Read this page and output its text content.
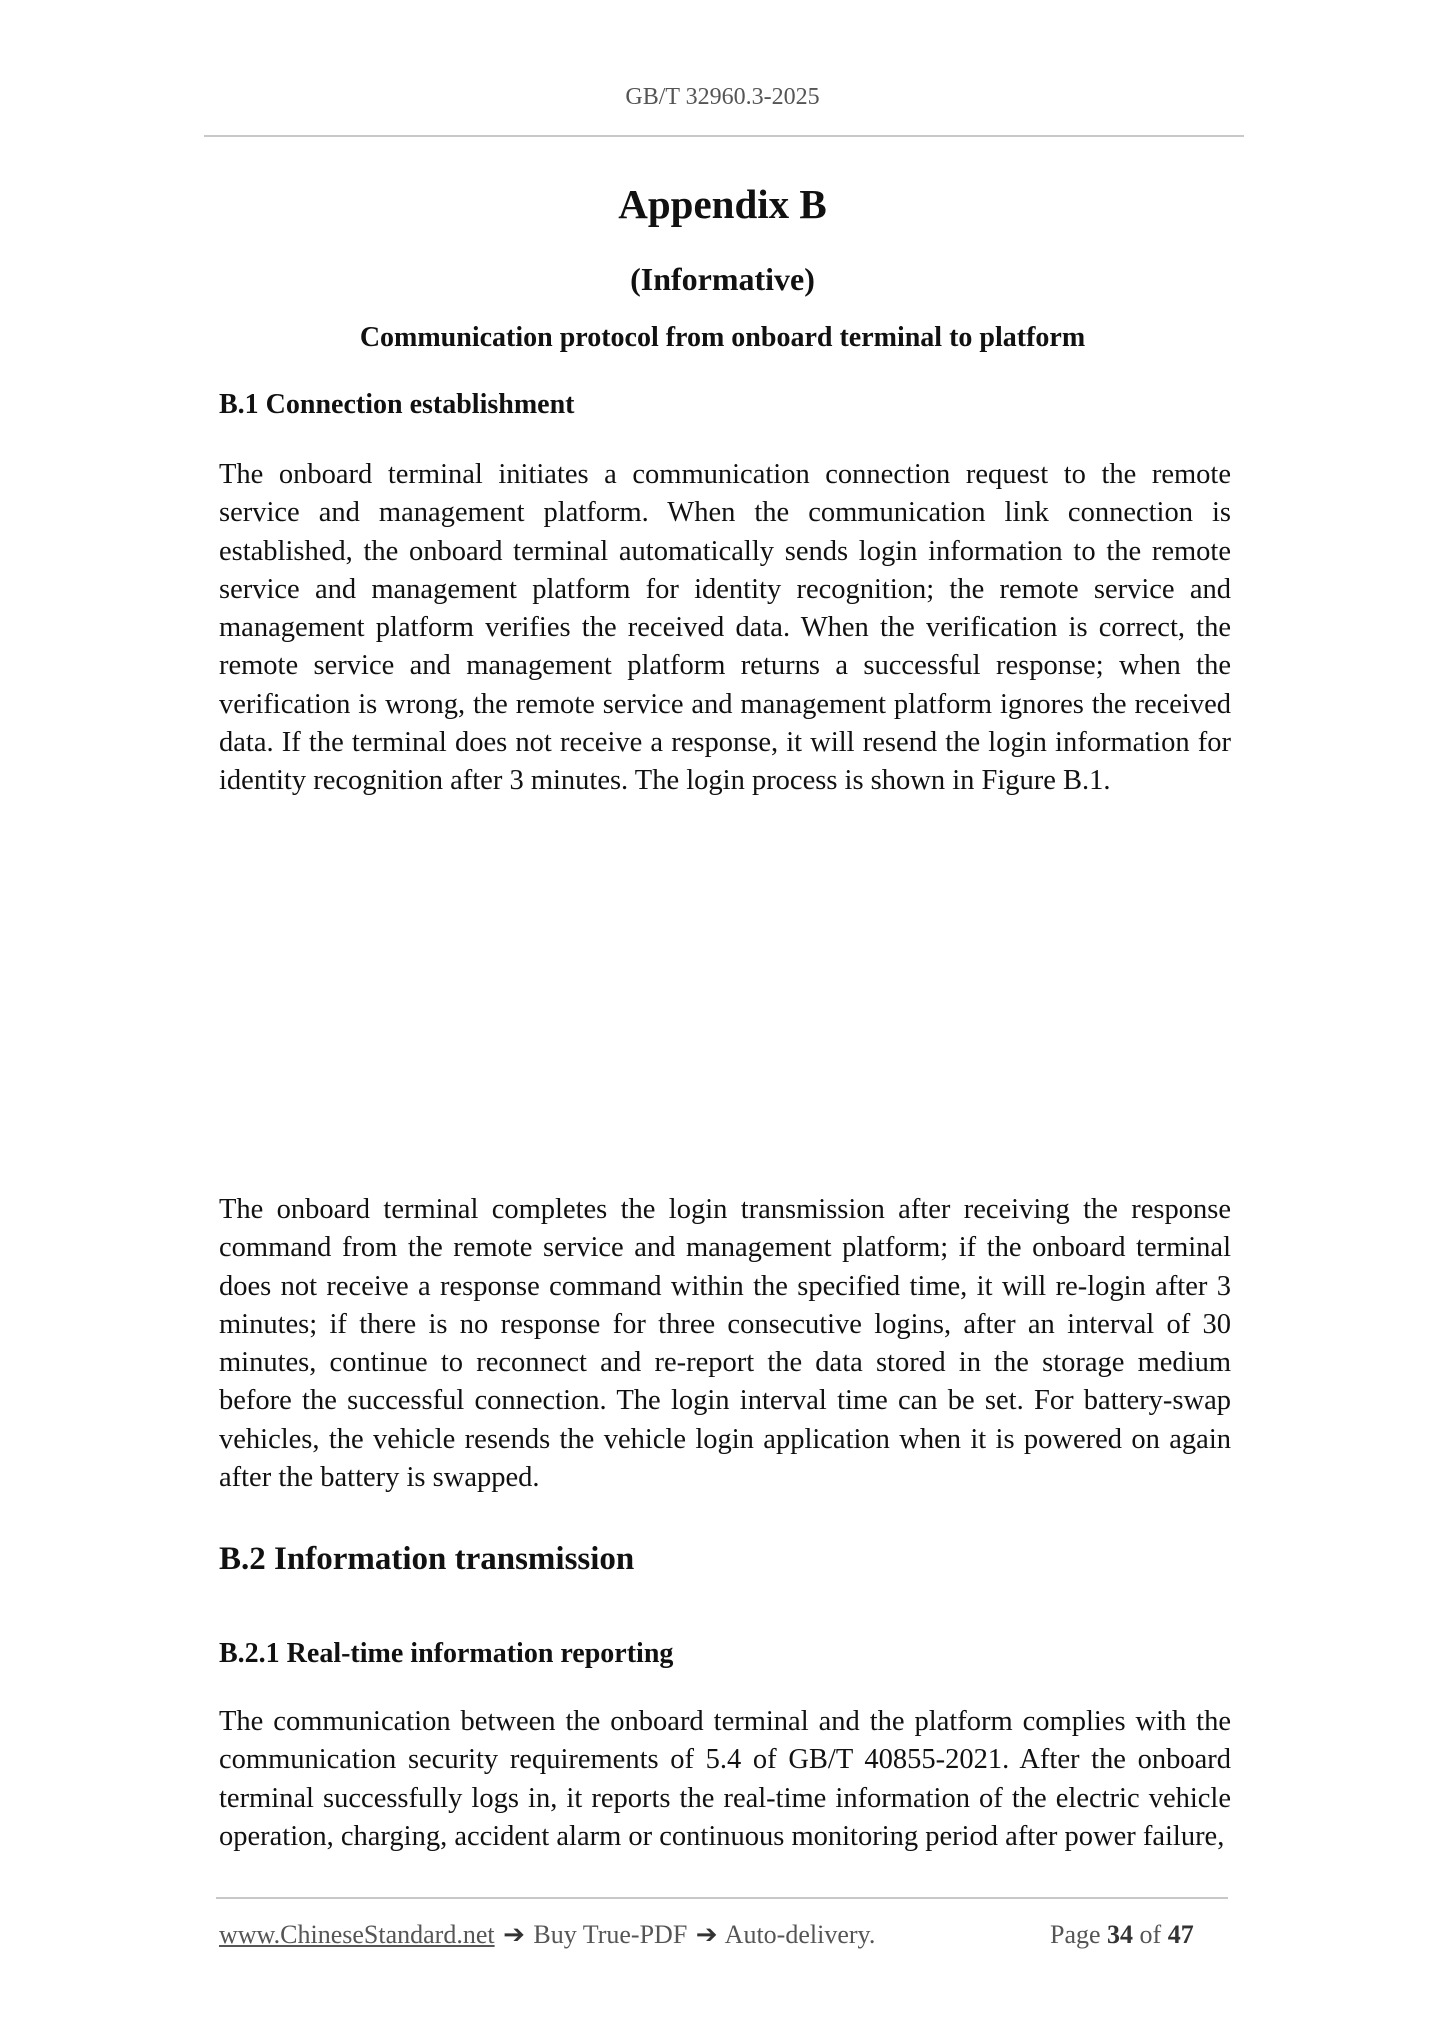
GB/T 32960.3-2025
Appendix B
(Informative)
Communication protocol from onboard terminal to platform
B.1 Connection establishment
The onboard terminal initiates a communication connection request to the remote service and management platform. When the communication link connection is established, the onboard terminal automatically sends login information to the remote service and management platform for identity recognition; the remote service and management platform verifies the received data. When the verification is correct, the remote service and management platform returns a successful response; when the verification is wrong, the remote service and management platform ignores the received data. If the terminal does not receive a response, it will resend the login information for identity recognition after 3 minutes. The login process is shown in Figure B.1.
The onboard terminal completes the login transmission after receiving the response command from the remote service and management platform; if the onboard terminal does not receive a response command within the specified time, it will re-login after 3 minutes; if there is no response for three consecutive logins, after an interval of 30 minutes, continue to reconnect and re-report the data stored in the storage medium before the successful connection. The login interval time can be set. For battery-swap vehicles, the vehicle resends the vehicle login application when it is powered on again after the battery is swapped.
B.2 Information transmission
B.2.1 Real-time information reporting
The communication between the onboard terminal and the platform complies with the communication security requirements of 5.4 of GB/T 40855-2021. After the onboard terminal successfully logs in, it reports the real-time information of the electric vehicle operation, charging, accident alarm or continuous monitoring period after power failure,
www.ChineseStandard.net ➔ Buy True-PDF ➔ Auto-delivery.	Page 34 of 47
